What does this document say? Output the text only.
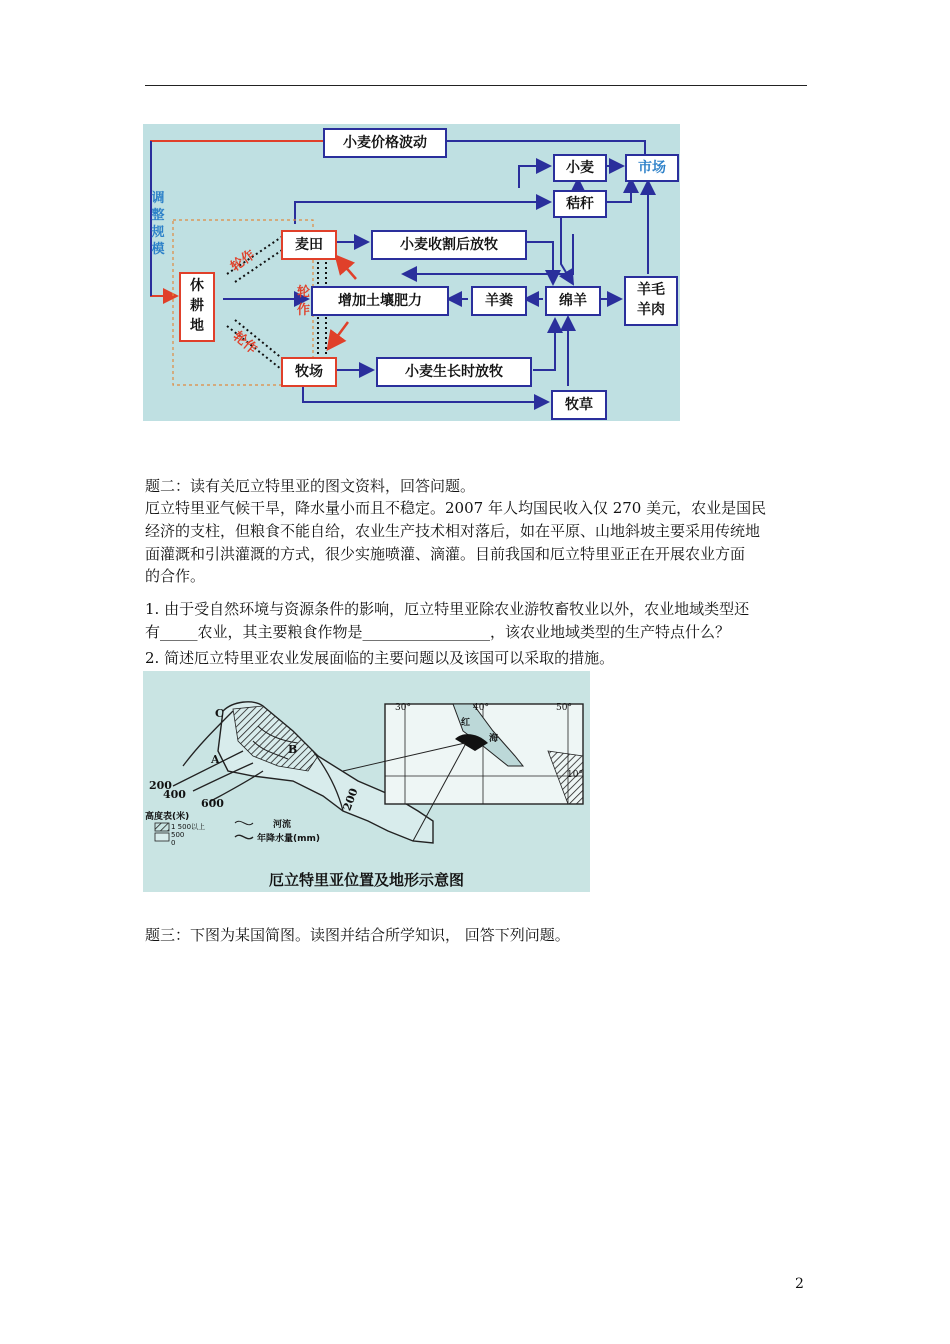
小麦价格波动
小麦	市场
秸秆
麦田	小麦收割后放牧
休
耕
地
增加土壤肥力	羊粪	绵羊
羊毛
羊肉
牧场	小麦生长时放牧
牧草
调
整
规
模	轮作
轮作
轮作

题二：读有关厄立特里亚的图文资料，回答问题。

厄立特里亚气候干旱，降水量小而且不稳定。2007 年人均国民收入仅 270 美元，农业是国民

经济的支柱，但粮食不能自给，农业生产技术相对落后，如在平原、山地斜坡主要采用传统地

面灌溉和引洪灌溉的方式，很少实施喷灌、滴灌。目前我国和厄立特里亚正在开展农业方面

的合作。

1. 由于受自然环境与资源条件的影响，厄立特里亚除农业游牧畜牧业以外，农业地域类型还

有_____农业，其主要粮食作物是_________________，该农业地域类型的生产特点什么？

2. 简述厄立特里亚农业发展面临的主要问题以及该国可以采取的措施。

C
A
B
200
400
600	200
高度表(米)
1 500以上
500
0
河流
年降水量(mm)
30°	40°	50°
10°
红
海
厄立特里亚位置及地形示意图

题三：下图为某国简图。读图并结合所学知识， 回答下列问题。

2
